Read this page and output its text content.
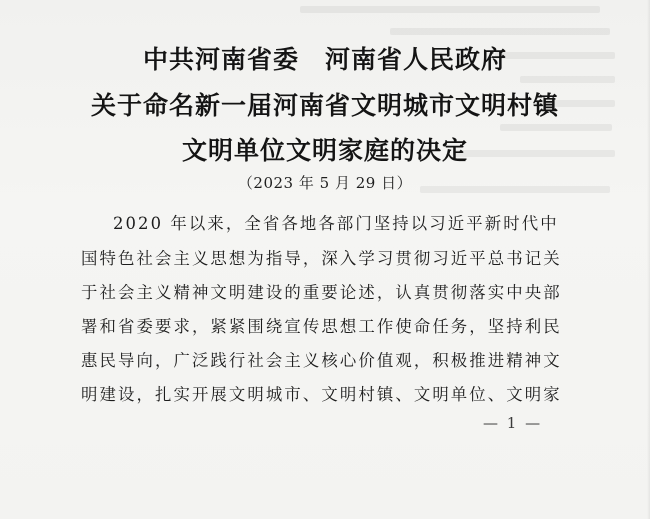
中共河南省委　河南省人民政府
关于命名新一届河南省文明城市文明村镇
文明单位文明家庭的决定
（2023 年 5 月 29 日）
2020 年以来，全省各地各部门坚持以习近平新时代中
国特色社会主义思想为指导，深入学习贯彻习近平总书记关
于社会主义精神文明建设的重要论述，认真贯彻落实中央部
署和省委要求，紧紧围绕宣传思想工作使命任务，坚持利民
惠民导向，广泛践行社会主义核心价值观，积极推进精神文
明建设，扎实开展文明城市、文明村镇、文明单位、文明家
— 1 —
